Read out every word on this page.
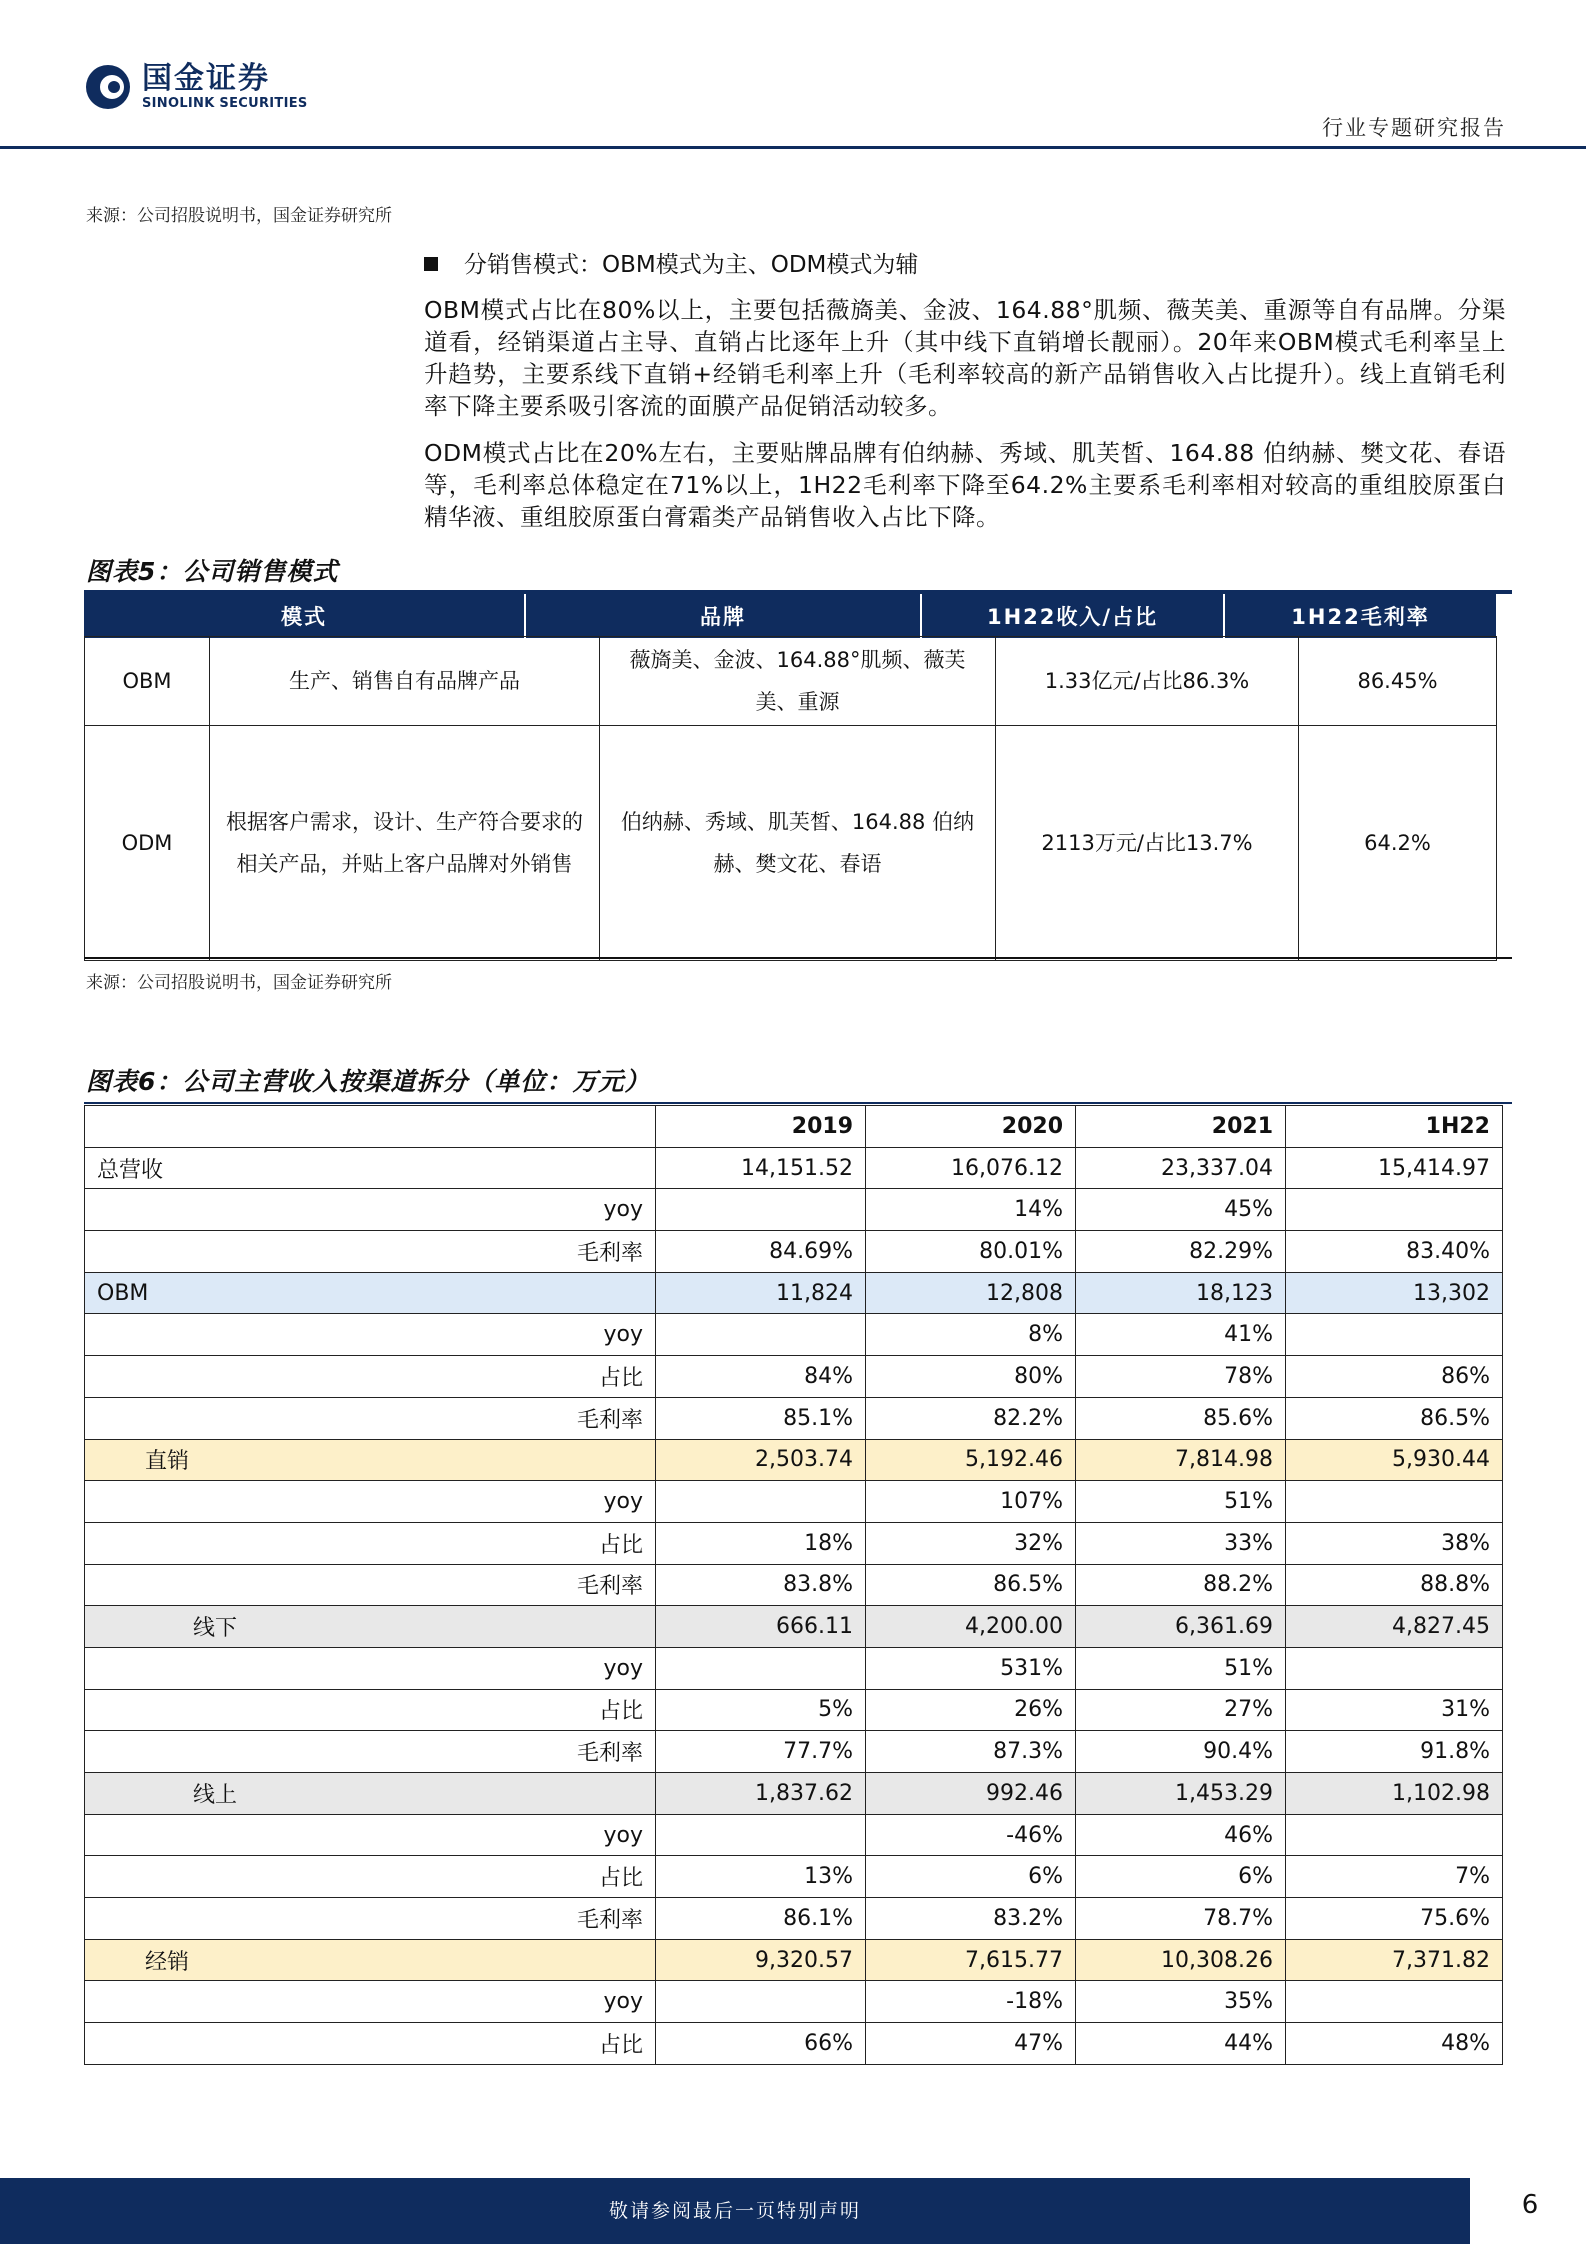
国金证券
SINOLINK SECURITIES
行业专题研究报告
来源：公司招股说明书，国金证券研究所
分销售模式：OBM模式为主、ODM模式为辅
OBM模式占比在80%以上，主要包括薇旖美、金波、164.88°肌频、薇芙美、重源等自有品牌。分渠道看，经销渠道占主导、直销占比逐年上升（其中线下直销增长靓丽）。20年来OBM模式毛利率呈上升趋势，主要系线下直销+经销毛利率上升（毛利率较高的新产品销售收入占比提升）。线上直销毛利率下降主要系吸引客流的面膜产品促销活动较多。
ODM模式占比在20%左右，主要贴牌品牌有伯纳赫、秀域、肌芙皙、164.88 伯纳赫、樊文花、春语等，毛利率总体稳定在71%以上，1H22毛利率下降至64.2%主要系毛利率相对较高的重组胶原蛋白精华液、重组胶原蛋白膏霜类产品销售收入占比下降。
图表5：公司销售模式
模式	品牌	1H22收入/占比	1H22毛利率
OBM	生产、销售自有品牌产品	薇旖美、金波、164.88°肌频、薇芙美、重源	1.33亿元/占比86.3%	86.45%
ODM	根据客户需求，设计、生产符合要求的相关产品，并贴上客户品牌对外销售	伯纳赫、秀域、肌芙皙、164.88 伯纳赫、樊文花、春语	2113万元/占比13.7%	64.2%
来源：公司招股说明书，国金证券研究所
图表6：公司主营收入按渠道拆分（单位：万元）
	2019	2020	2021	1H22
总营收	14,151.52	16,076.12	23,337.04	15,414.97
yoy		14%	45%	
毛利率	84.69%	80.01%	82.29%	83.40%
OBM	11,824	12,808	18,123	13,302
yoy		8%	41%	
占比	84%	80%	78%	86%
毛利率	85.1%	82.2%	85.6%	86.5%
直销	2,503.74	5,192.46	7,814.98	5,930.44
yoy		107%	51%	
占比	18%	32%	33%	38%
毛利率	83.8%	86.5%	88.2%	88.8%
线下	666.11	4,200.00	6,361.69	4,827.45
yoy		531%	51%	
占比	5%	26%	27%	31%
毛利率	77.7%	87.3%	90.4%	91.8%
线上	1,837.62	992.46	1,453.29	1,102.98
yoy		-46%	46%	
占比	13%	6%	6%	7%
毛利率	86.1%	83.2%	78.7%	75.6%
经销	9,320.57	7,615.77	10,308.26	7,371.82
yoy		-18%	35%	
占比	66%	47%	44%	48%
敬请参阅最后一页特别声明	6
